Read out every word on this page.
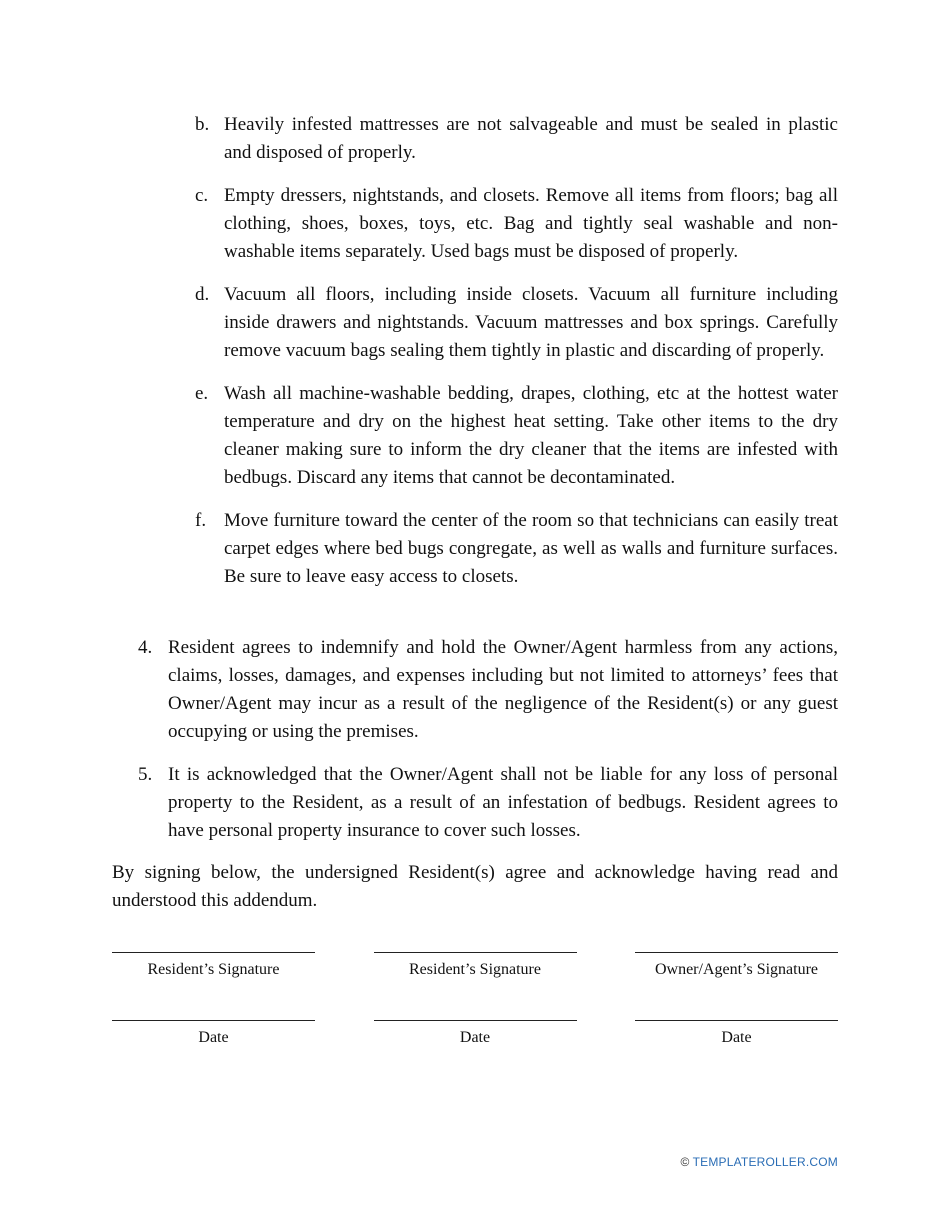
b. Heavily infested mattresses are not salvageable and must be sealed in plastic and disposed of properly.
c. Empty dressers, nightstands, and closets. Remove all items from floors; bag all clothing, shoes, boxes, toys, etc. Bag and tightly seal washable and non-washable items separately. Used bags must be disposed of properly.
d. Vacuum all floors, including inside closets. Vacuum all furniture including inside drawers and nightstands. Vacuum mattresses and box springs. Carefully remove vacuum bags sealing them tightly in plastic and discarding of properly.
e. Wash all machine-washable bedding, drapes, clothing, etc at the hottest water temperature and dry on the highest heat setting. Take other items to the dry cleaner making sure to inform the dry cleaner that the items are infested with bedbugs. Discard any items that cannot be decontaminated.
f. Move furniture toward the center of the room so that technicians can easily treat carpet edges where bed bugs congregate, as well as walls and furniture surfaces. Be sure to leave easy access to closets.
4. Resident agrees to indemnify and hold the Owner/Agent harmless from any actions, claims, losses, damages, and expenses including but not limited to attorneys’ fees that Owner/Agent may incur as a result of the negligence of the Resident(s) or any guest occupying or using the premises.
5. It is acknowledged that the Owner/Agent shall not be liable for any loss of personal property to the Resident, as a result of an infestation of bedbugs. Resident agrees to have personal property insurance to cover such losses.

By signing below, the undersigned Resident(s) agree and acknowledge having read and understood this addendum.

Resident’s Signature	Resident’s Signature	Owner/Agent’s Signature
Date	Date	Date
© TEMPLATEROLLER.COM
